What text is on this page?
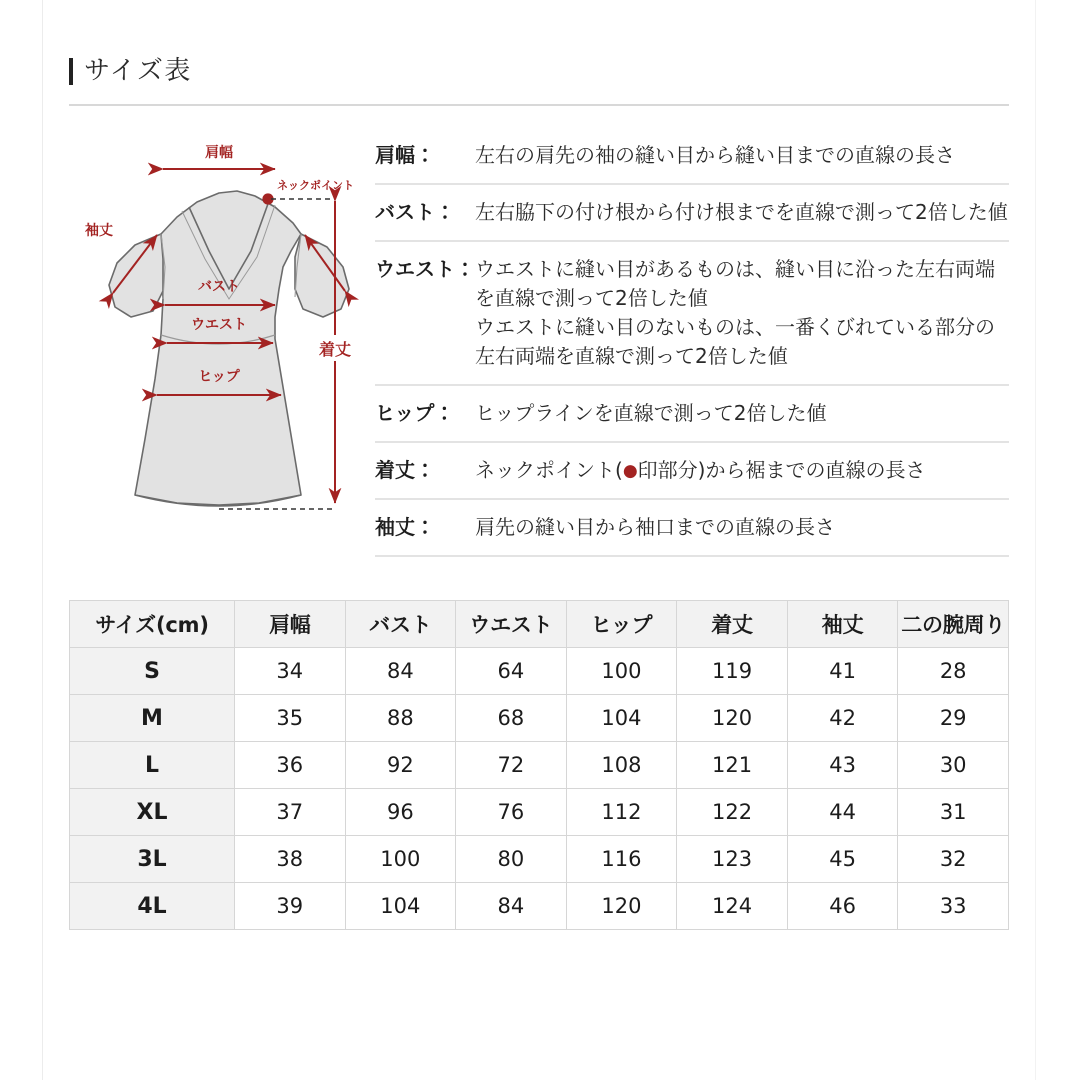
サイズ表
肩幅
ネックポイント
袖丈
バスト
ウエスト
ヒップ
着丈
肩幅：	左右の肩先の袖の縫い目から縫い目までの直線の長さ
バスト：	左右脇下の付け根から付け根までを直線で測って2倍した値
ウエスト： ウエストに縫い目があるものは、縫い目に沿った左右両端
を直線で測って2倍した値
ウエストに縫い目のないものは、一番くびれている部分の
左右両端を直線で測って2倍した値
ヒップ：	ヒップラインを直線で測って2倍した値
着丈：	ネックポイント(●印部分)から裾までの直線の長さ
袖丈：	肩先の縫い目から袖口までの直線の長さ
サイズ(cm)	肩幅	バスト	ウエスト	ヒップ	着丈	袖丈	二の腕周り
S	34	84	64	100	119	41	28
M	35	88	68	104	120	42	29
L	36	92	72	108	121	43	30
XL	37	96	76	112	122	44	31
3L	38	100	80	116	123	45	32
4L	39	104	84	120	124	46	33
